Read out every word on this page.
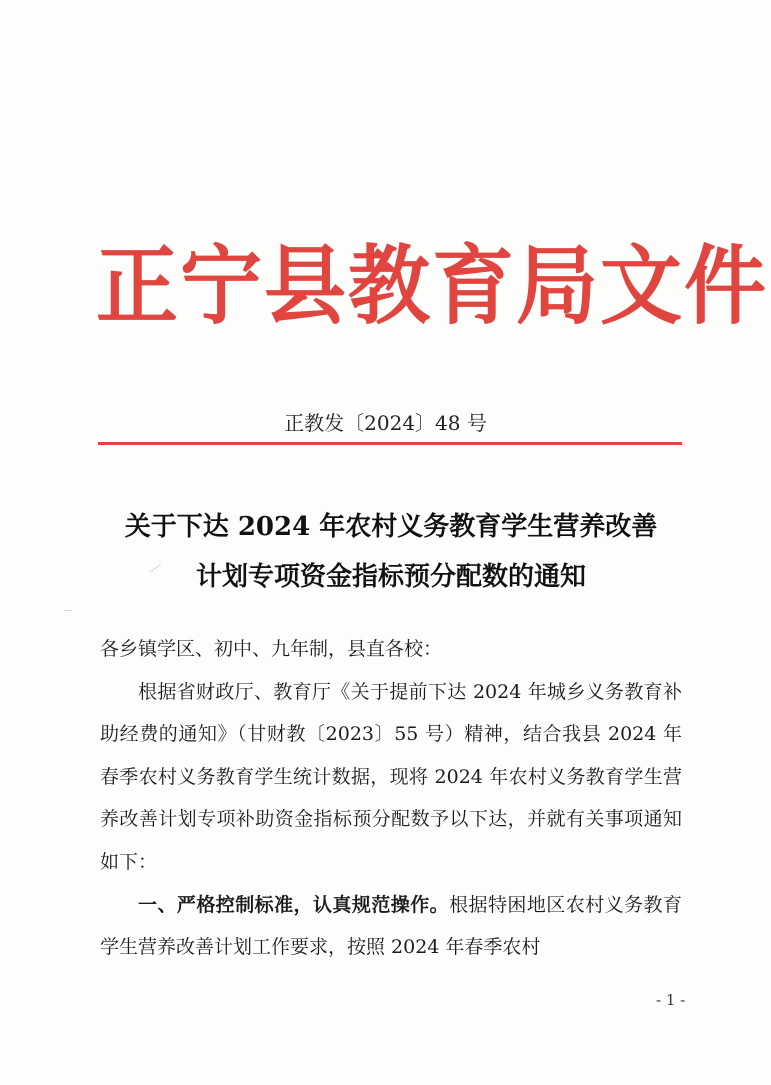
正宁县教育局文件
正教发〔2024〕48 号
关于下达 2024 年农村义务教育学生营养改善
计划专项资金指标预分配数的通知

各乡镇学区、初中、九年制，县直各校：

根据省财政厅、教育厅《关于提前下达 2024 年城乡义务教育补助经费的通知》（甘财教〔2023〕55 号）精神，结合我县 2024 年春季农村义务教育学生统计数据，现将 2024 年农村义务教育学生营养改善计划专项补助资金指标预分配数予以下达，并就有关事项通知如下：

一、严格控制标准，认真规范操作。根据特困地区农村义务教育学生营养改善计划工作要求，按照 2024 年春季农村

- 1 -
